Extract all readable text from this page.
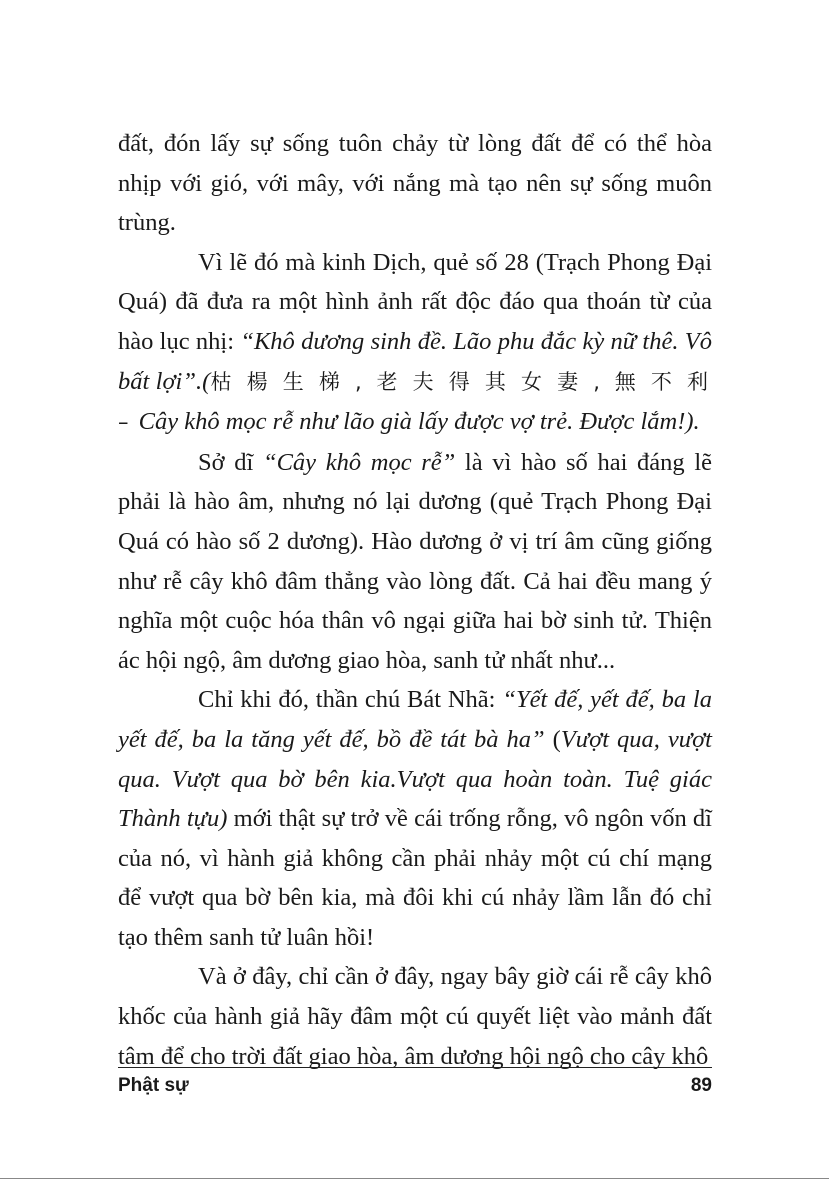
đất, đón lấy sự sống tuôn chảy từ lòng đất để có thể hòa nhịp với gió, với mây, với nắng mà tạo nên sự sống muôn trùng.

Vì lẽ đó mà kinh Dịch, quẻ số 28 (Trạch Phong Đại Quá) đã đưa ra một hình ảnh rất độc đáo qua thoán từ của hào lục nhị: “Khô dương sinh đề. Lão phu đắc kỳ nữ thê. Vô bất lợi”.(枯 楊 生 梯 , 老 夫 得 其 女 妻 , 無 不 利 – Cây khô mọc rễ như lão già lấy được vợ trẻ. Được lắm!).

Sở dĩ “Cây khô mọc rễ” là vì hào số hai đáng lẽ phải là hào âm, nhưng nó lại dương (quẻ Trạch Phong Đại Quá có hào số 2 dương). Hào dương ở vị trí âm cũng giống như rễ cây khô đâm thẳng vào lòng đất. Cả hai đều mang ý nghĩa một cuộc hóa thân vô ngại giữa hai bờ sinh tử. Thiện ác hội ngộ, âm dương giao hòa, sanh tử nhất như...

Chỉ khi đó, thần chú Bát Nhã: “Yết đế, yết đế, ba la yết đế, ba la tăng yết đế, bồ đề tát bà ha” (Vượt qua, vượt qua. Vượt qua bờ bên kia.Vượt qua hoàn toàn. Tuệ giác Thành tựu) mới thật sự trở về cái trống rỗng, vô ngôn vốn dĩ của nó, vì hành giả không cần phải nhảy một cú chí mạng để vượt qua bờ bên kia, mà đôi khi cú nhảy lầm lẫn đó chỉ tạo thêm sanh tử luân hồi!

Và ở đây, chỉ cần ở đây, ngay bây giờ cái rễ cây khô khốc của hành giả hãy đâm một cú quyết liệt vào mảnh đất tâm để cho trời đất giao hòa, âm dương hội ngộ cho cây khô

Phật sự	89
